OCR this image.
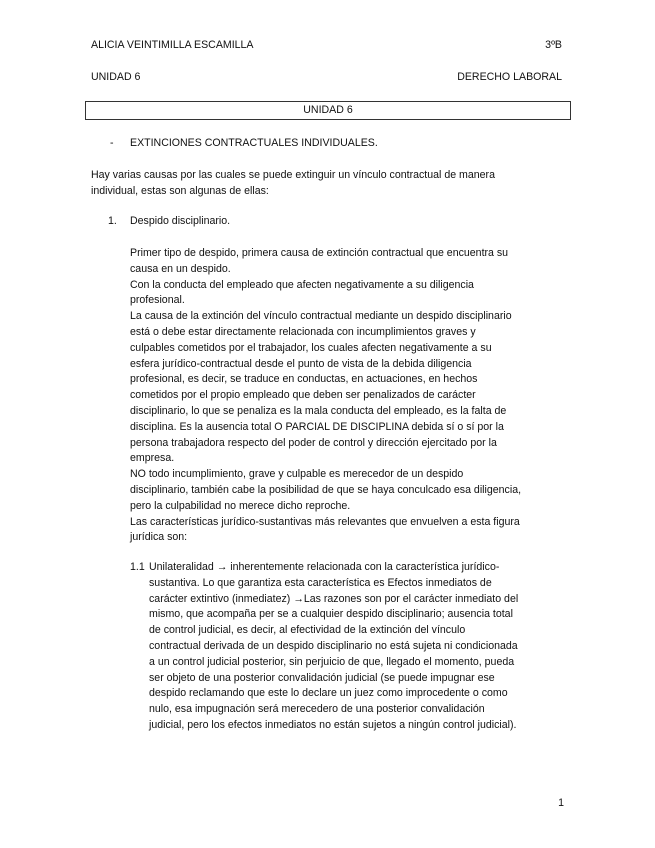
ALICIA VEINTIMILLA ESCAMILLA	3ºB
UNIDAD 6	DERECHO LABORAL
UNIDAD 6
- EXTINCIONES CONTRACTUALES INDIVIDUALES.
Hay varias causas por las cuales se puede extinguir un vínculo contractual de manera
individual, estas son algunas de ellas:
1. Despido disciplinario.
Primer tipo de despido, primera causa de extinción contractual que encuentra su
causa en un despido.
Con la conducta del empleado que afecten negativamente a su diligencia
profesional.
La causa de la extinción del vínculo contractual mediante un despido disciplinario
está o debe estar directamente relacionada con incumplimientos graves y
culpables cometidos por el trabajador, los cuales afecten negativamente a su
esfera jurídico-contractual desde el punto de vista de la debida diligencia
profesional, es decir, se traduce en conductas, en actuaciones, en hechos
cometidos por el propio empleado que deben ser penalizados de carácter
disciplinario, lo que se penaliza es la mala conducta del empleado, es la falta de
disciplina. Es la ausencia total O PARCIAL DE DISCIPLINA debida sí o sí por la
persona trabajadora respecto del poder de control y dirección ejercitado por la
empresa.
NO todo incumplimiento, grave y culpable es merecedor de un despido
disciplinario, también cabe la posibilidad de que se haya conculcado esa diligencia,
pero la culpabilidad no merece dicho reproche.
Las características jurídico-sustantivas más relevantes que envuelven a esta figura
jurídica son:
1.1 Unilateralidad → inherentemente relacionada con la característica jurídico-
sustantiva. Lo que garantiza esta característica es Efectos inmediatos de
carácter extintivo (inmediatez) →Las razones son por el carácter inmediato del
mismo, que acompaña per se a cualquier despido disciplinario; ausencia total
de control judicial, es decir, al efectividad de la extinción del vínculo
contractual derivada de un despido disciplinario no está sujeta ni condicionada
a un control judicial posterior, sin perjuicio de que, llegado el momento, pueda
ser objeto de una posterior convalidación judicial (se puede impugnar ese
despido reclamando que este lo declare un juez como improcedente o como
nulo, esa impugnación será merecedero de una posterior convalidación
judicial, pero los efectos inmediatos no están sujetos a ningún control judicial).
1
